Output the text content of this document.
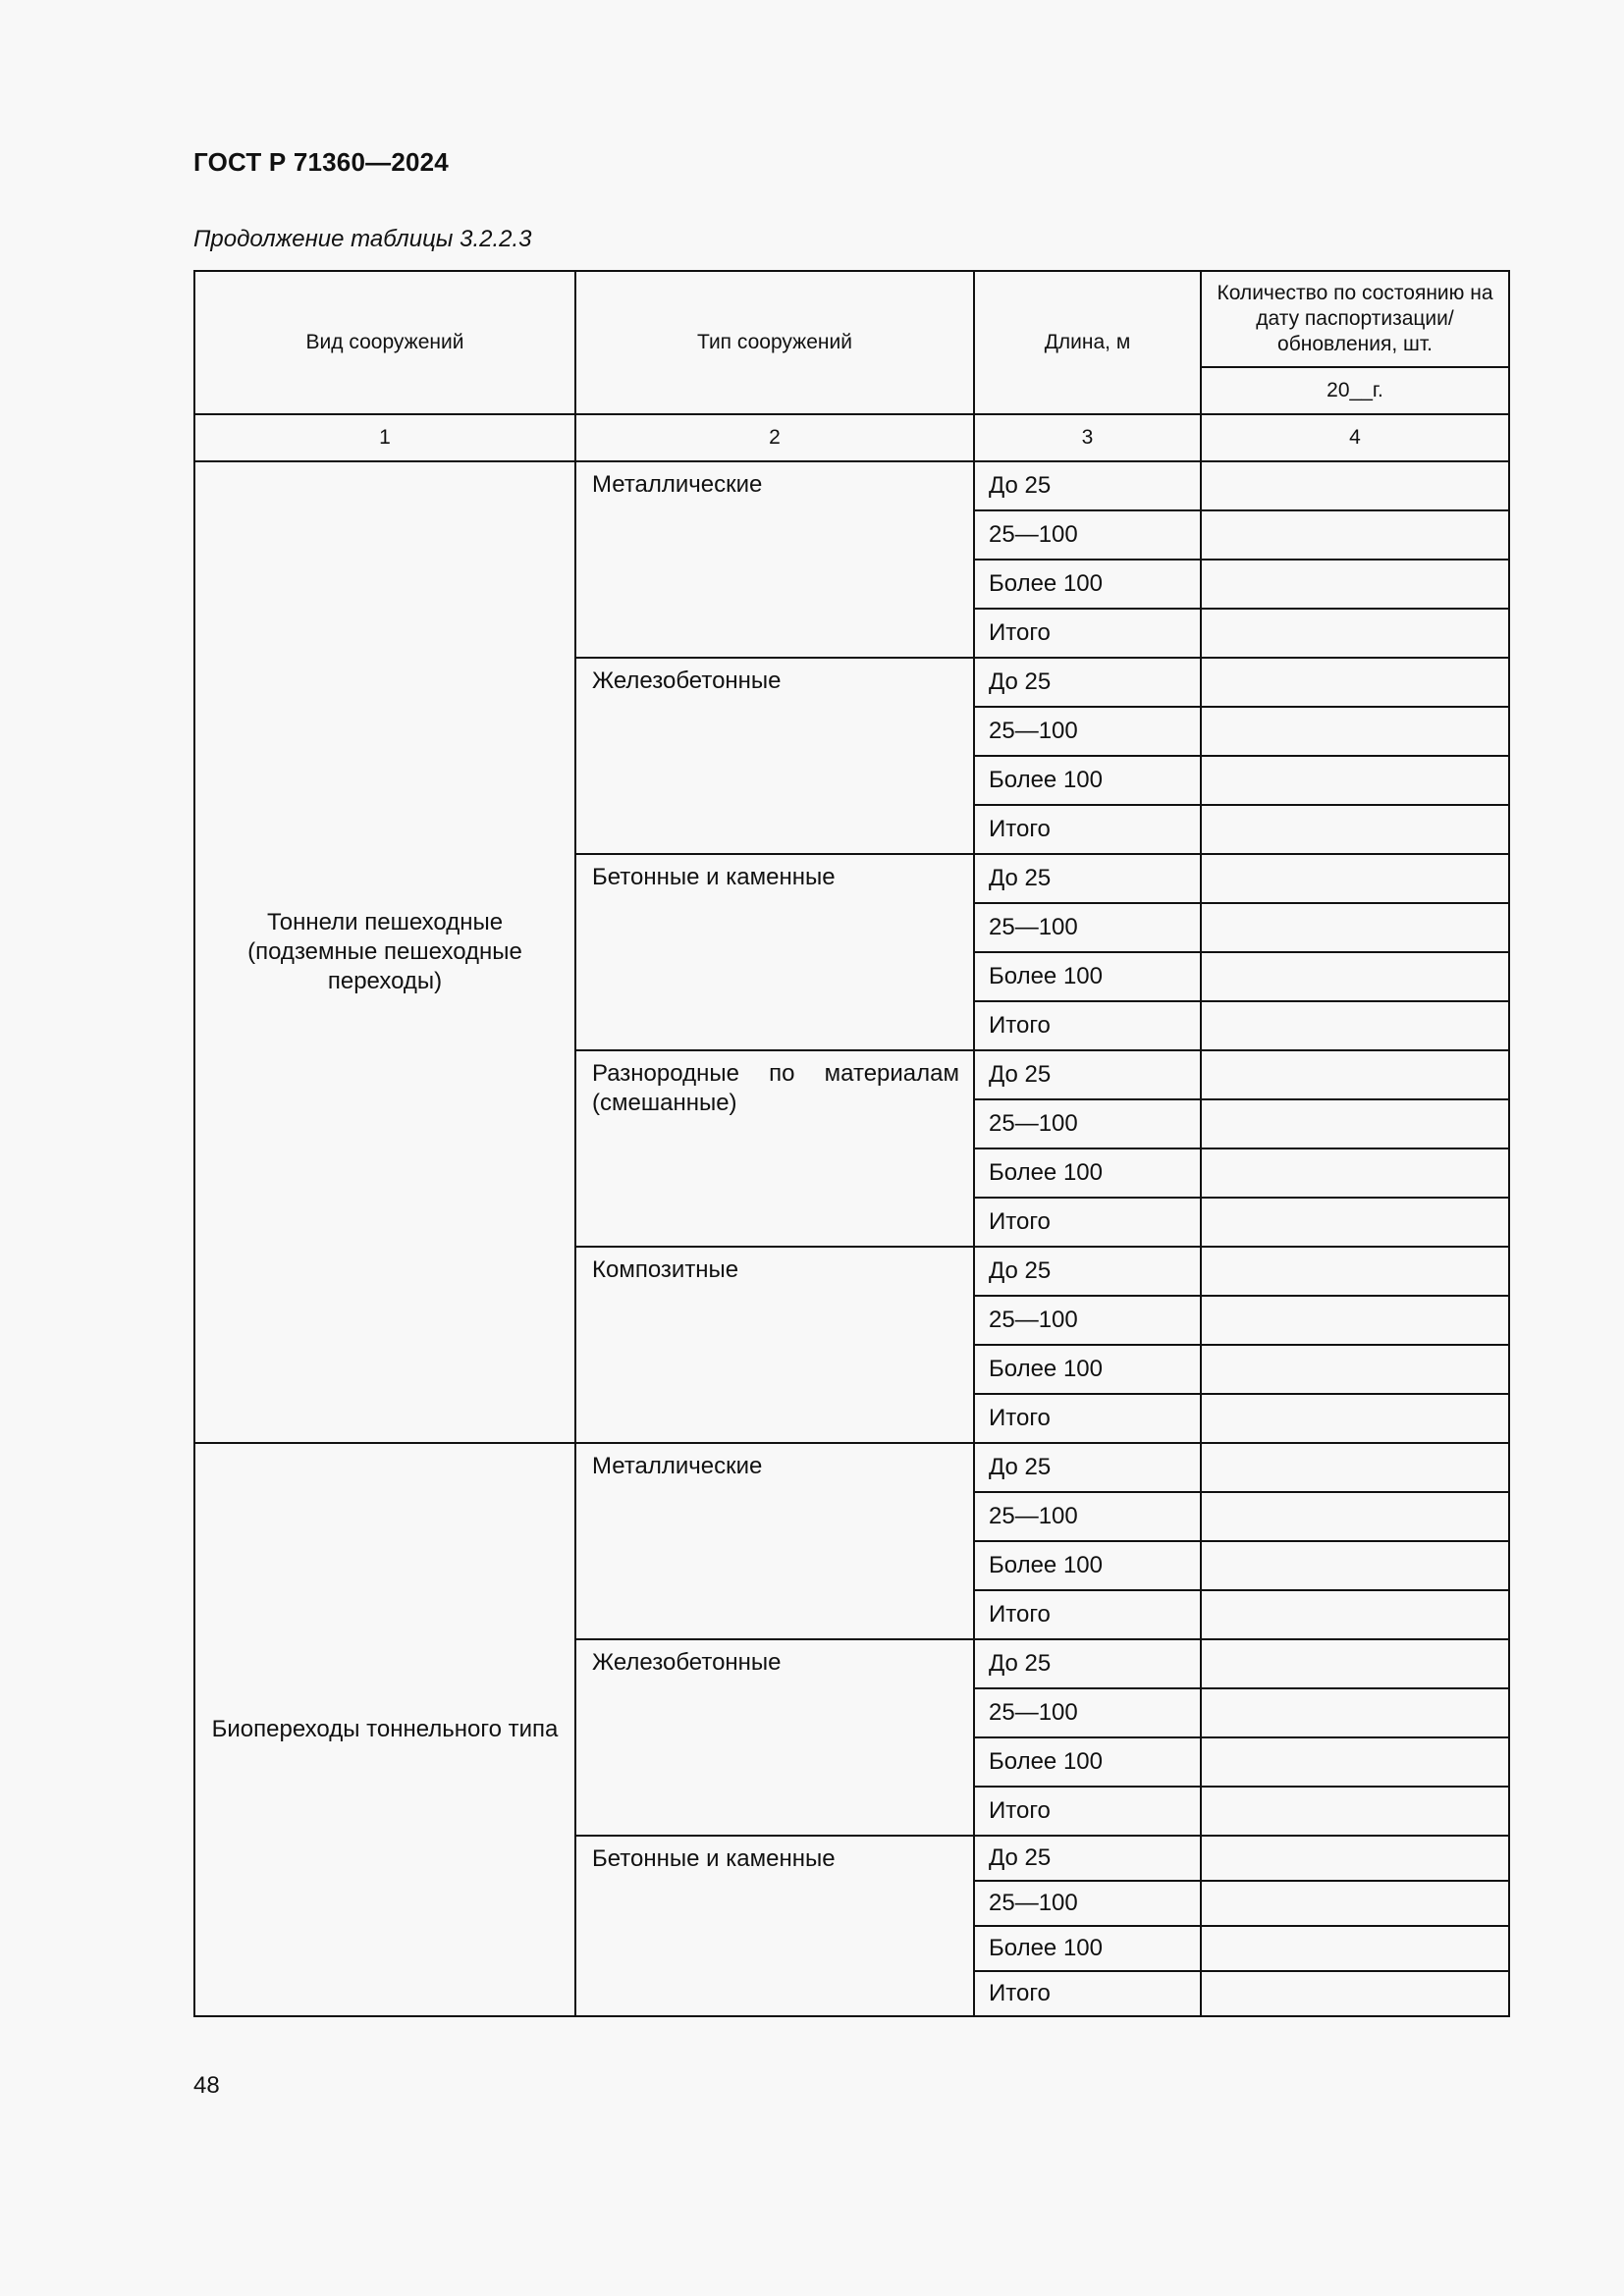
ГОСТ Р 71360—2024
Продолжение таблицы 3.2.2.3
Вид сооружений	Тип сооружений	Длина, м	Количество по состоянию на дату паспортизации/ обновления, шт.
			20__г.
1	2	3	4
Тоннели пешеходные (подземные пешеходные переходы)	Металлические	До 25	
		25—100	
		Более 100	
		Итого	
	Железобетонные	До 25	
		25—100	
		Более 100	
		Итого	
	Бетонные и каменные	До 25	
		25—100	
		Более 100	
		Итого	
	Разнородные по материалам (смешанные)	До 25	
		25—100	
		Более 100	
		Итого	
	Композитные	До 25	
		25—100	
		Более 100	
		Итого	
Биопереходы тоннельного типа	Металлические	До 25	
		25—100	
		Более 100	
		Итого	
	Железобетонные	До 25	
		25—100	
		Более 100	
		Итого	
	Бетонные и каменные	До 25	
		25—100	
		Более 100	
		Итого	
48
